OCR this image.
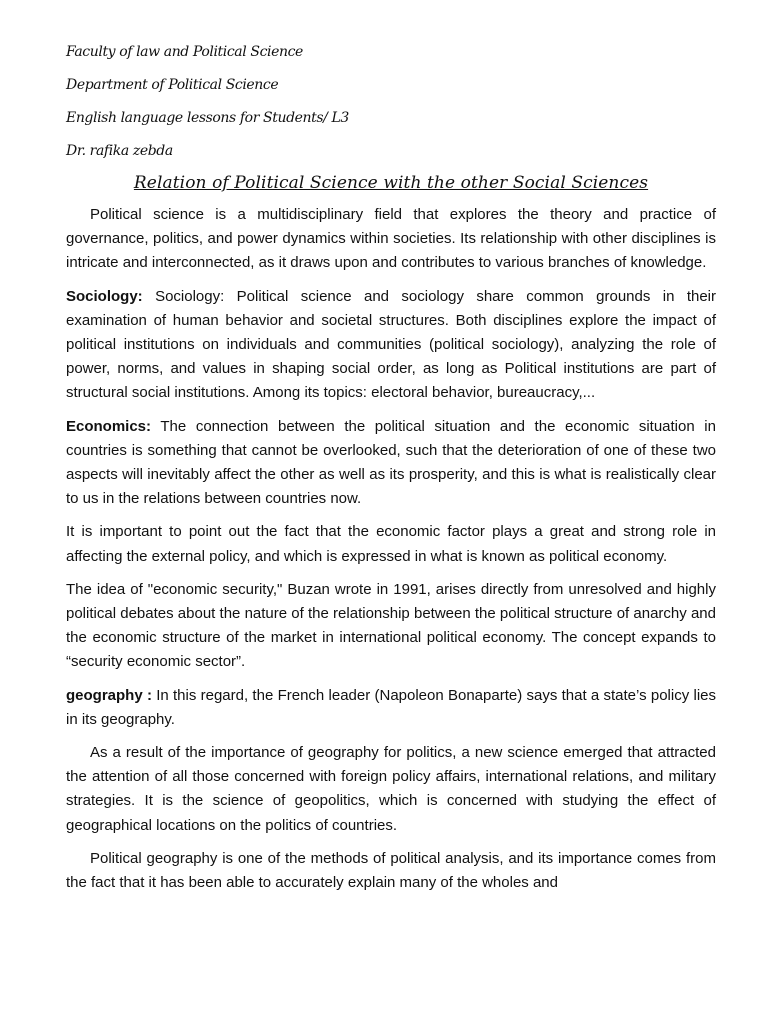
Faculty of law and Political Science
Department of Political Science
English language lessons for Students/ L3
Dr. rafika zebda
Relation of Political Science with the other Social Sciences

Political science is a multidisciplinary field that explores the theory and practice of governance, politics, and power dynamics within societies. Its relationship with other disciplines is intricate and interconnected, as it draws upon and contributes to various branches of knowledge.

Sociology: Sociology: Political science and sociology share common grounds in their examination of human behavior and societal structures. Both disciplines explore the impact of political institutions on individuals and communities (political sociology), analyzing the role of power, norms, and values in shaping social order, as long as Political institutions are part of structural social institutions. Among its topics: electoral behavior, bureaucracy,...

Economics: The connection between the political situation and the economic situation in countries is something that cannot be overlooked, such that the deterioration of one of these two aspects will inevitably affect the other as well as its prosperity, and this is what is realistically clear to us in the relations between countries now.

It is important to point out the fact that the economic factor plays a great and strong role in affecting the external policy, and which is expressed in what is known as political economy.

The idea of "economic security," Buzan wrote in 1991, arises directly from unresolved and highly political debates about the nature of the relationship between the political structure of anarchy and the economic structure of the market in international political economy. The concept expands to “security economic sector”.

geography : In this regard, the French leader (Napoleon Bonaparte) says that a state’s policy lies in its geography.

As a result of the importance of geography for politics, a new science emerged that attracted the attention of all those concerned with foreign policy affairs, international relations, and military strategies. It is the science of geopolitics, which is concerned with studying the effect of geographical locations on the politics of countries.

Political geography is one of the methods of political analysis, and its importance comes from the fact that it has been able to accurately explain many of the wholes and
